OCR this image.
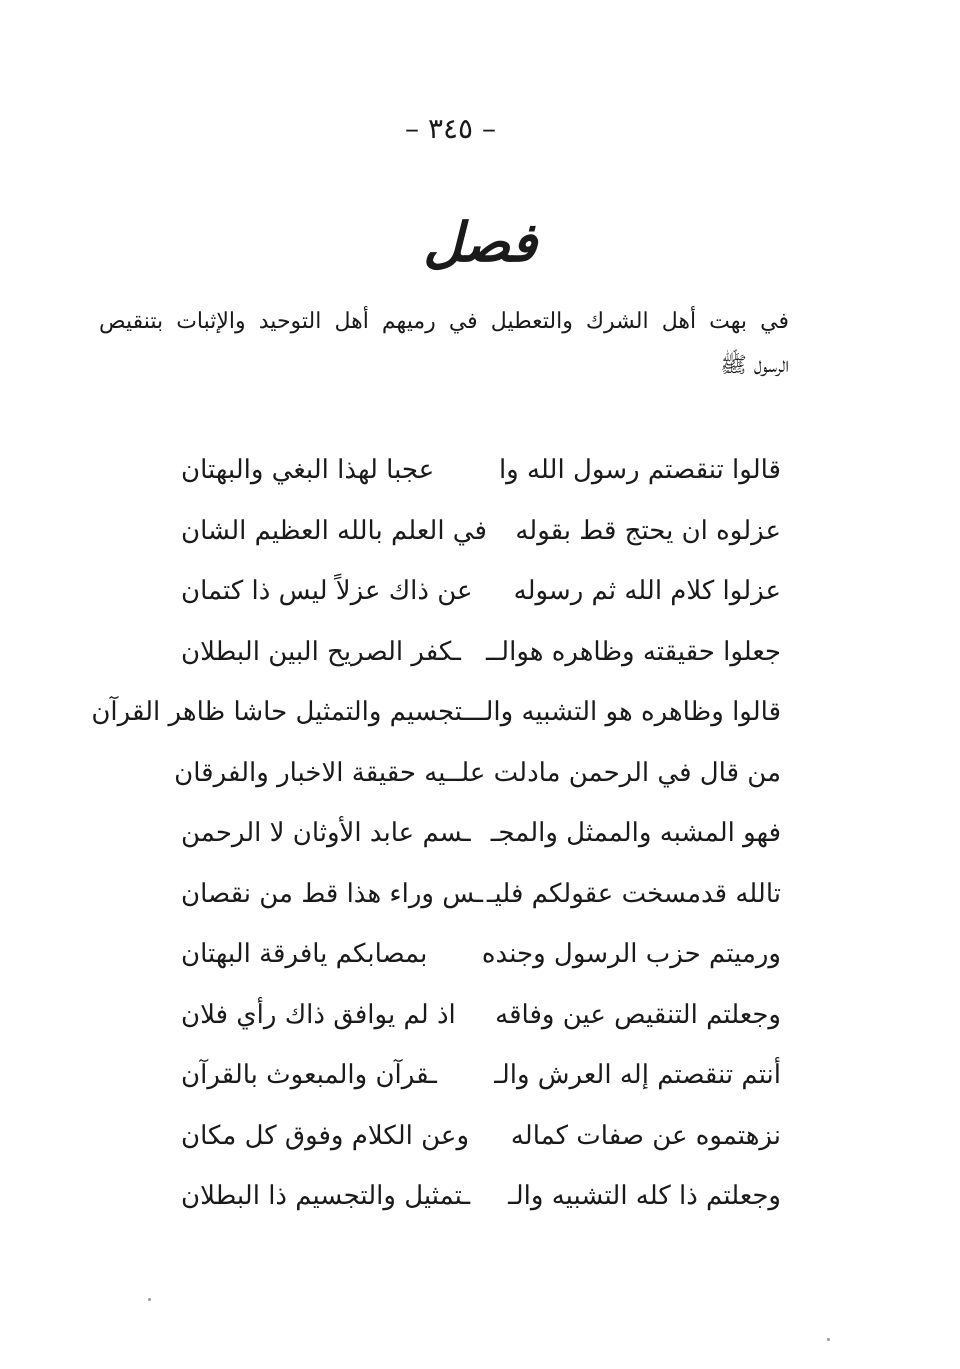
– ٣٤٥ –
فصل
في بهت أهل الشرك والتعطيل في رميهم أهل التوحيد والإثبات بتنقيص
الرسول ﷺ
قالوا تنقصتم رسول الله وا
عجبا لهذا البغي والبهتان
عزلوه ان يحتج قط بقوله
في العلم بالله العظيم الشان
عزلوا كلام الله ثم رسوله
عن ذاك عزلاً ليس ذا كتمان
جعلوا حقيقته وظاهره هوالــ
ـكفر الصريح البين البطلان
قالوا وظاهره هو التشبيه والــ
ـتجسيم والتمثيل حاشا ظاهر القرآن
من قال في الرحمن مادلت علـ
ـيه حقيقة الاخبار والفرقان
فهو المشبه والممثل والمجـ
ـسم عابد الأوثان لا الرحمن
تالله قدمسخت عقولكم فليـ
ـس وراء هذا قط من نقصان
ورميتم حزب الرسول وجنده
بمصابكم يافرقة البهتان
وجعلتم التنقيص عين وفاقه
اذ لم يوافق ذاك رأي فلان
أنتم تنقصتم إله العرش والـ
ـقرآن والمبعوث بالقرآن
نزهتموه عن صفات كماله
وعن الكلام وفوق كل مكان
وجعلتم ذا كله التشبيه والـ
ـتمثيل والتجسيم ذا البطلان
